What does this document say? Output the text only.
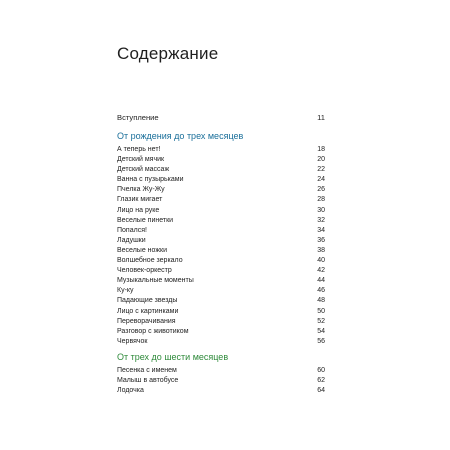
Содержание
Вступление	11
От рождения до трех месяцев
А теперь нет!	18
Детский мячик	20
Детский массаж	22
Ванна с пузырьками	24
Пчелка Жу-Жу	26
Глазик мигает	28
Лицо на руке	30
Веселые пинетки	32
Попался!	34
Ладушки	36
Веселые ножки	38
Волшебное зеркало	40
Человек-оркестр	42
Музыкальные моменты	44
Ку-ку	46
Падающие звезды	48
Лицо с картинками	50
Переворачивания	52
Разговор с животиком	54
Червячок	56
От трех до шести месяцев
Песенка с именем	60
Малыш в автобусе	62
Лодочка	64
